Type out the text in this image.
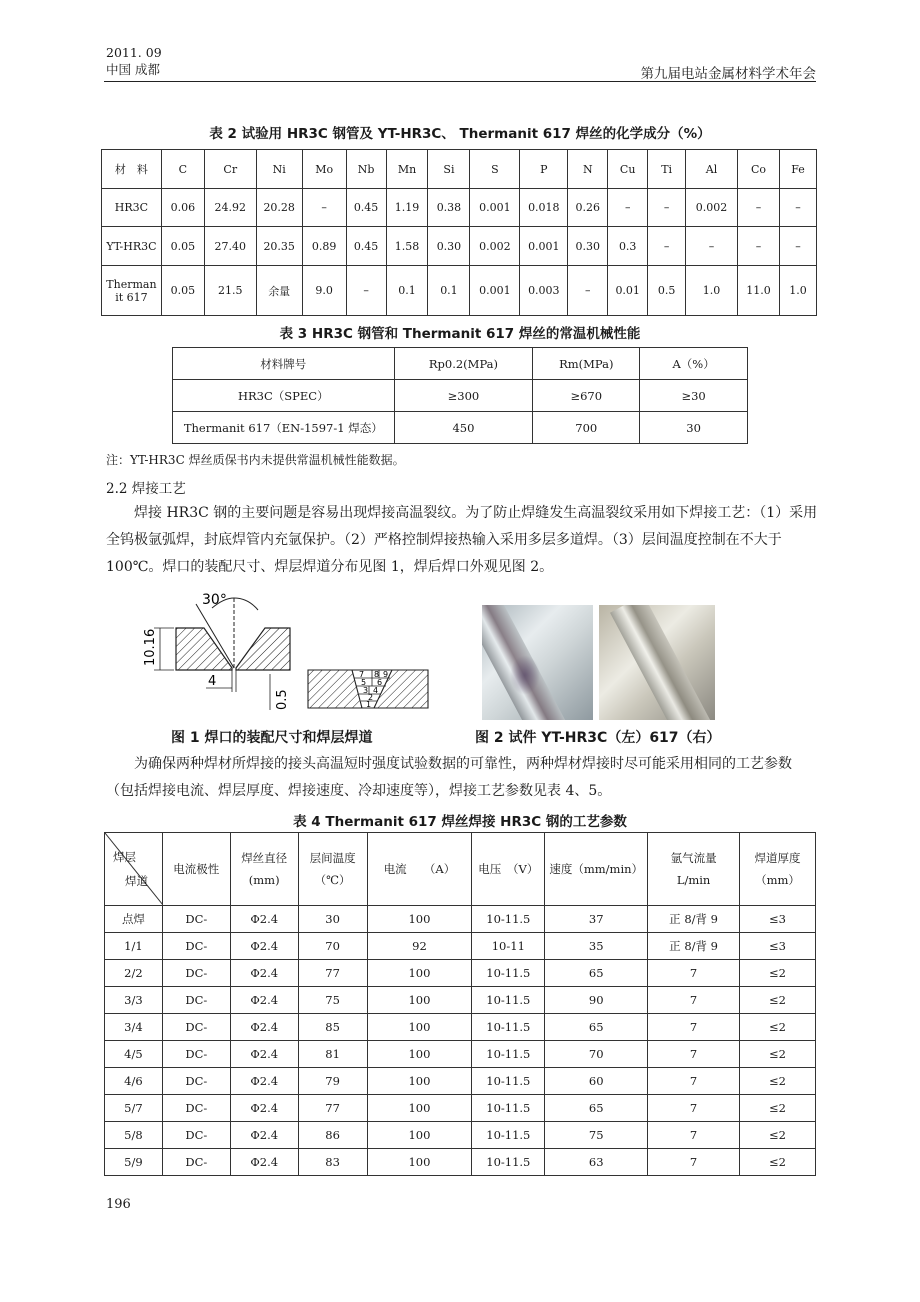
2011. 09
中国 成都	第九届电站金属材料学术年会
表 2 试验用 HR3C 钢管及 YT-HR3C、 Thermanit 617 焊丝的化学成分（%）
材　料	C	Cr	Ni	Mo	Nb	Mn	Si	S	P	N	Cu	Ti	Al	Co	Fe
HR3C	0.06	24.92	20.28	–	0.45	1.19	0.38	0.001	0.018	0.26	–	–	0.002	–	–
YT-HR3C	0.05	27.40	20.35	0.89	0.45	1.58	0.30	0.002	0.001	0.30	0.3	–	–	–	–
Thermanit 617	0.05	21.5	余量	9.0	–	0.1	0.1	0.001	0.003	–	0.01	0.5	1.0	11.0	1.0
表 3 HR3C 钢管和 Thermanit 617 焊丝的常温机械性能
材料牌号	Rp0.2(MPa)	Rm(MPa)	A（%）
HR3C（SPEC）	≥300	≥670	≥30
Thermanit 617（EN-1597-1 焊态）	450	700	30
注：YT-HR3C 焊丝质保书内未提供常温机械性能数据。
2.2 焊接工艺
焊接 HR3C 钢的主要问题是容易出现焊接高温裂纹。为了防止焊缝发生高温裂纹采用如下焊接工艺：（1）采用全钨极氩弧焊，封底焊管内充氩保护。（2）严格控制焊接热输入采用多层多道焊。（3）层间温度控制在不大于 100℃。焊口的装配尺寸、焊层焊道分布见图 1，焊后焊口外观见图 2。
30°
10.16
4
0.5
7 8 9
5 6
3 4
2
1
图 1 焊口的装配尺寸和焊层焊道	图 2 试件 YT-HR3C（左）617（右）
为确保两种焊材所焊接的接头高温短时强度试验数据的可靠性，两种焊材焊接时尽可能采用相同的工艺参数（包括焊接电流、焊层厚度、焊接速度、冷却速度等），焊接工艺参数见表 4、5。
表 4 Thermanit 617 焊丝焊接 HR3C 钢的工艺参数
焊层
焊道	电流极性	焊丝直径(mm)	层间温度（℃）	电流　　（A）	电压　（V）	速度（mm/min）	氩气流量 L/min	焊道厚度（mm）
点焊	DC-	Φ2.4	30	100	10-11.5	37	正 8/背 9	≤3
1/1	DC-	Φ2.4	70	92	10-11	35	正 8/背 9	≤3
2/2	DC-	Φ2.4	77	100	10-11.5	65	7	≤2
3/3	DC-	Φ2.4	75	100	10-11.5	90	7	≤2
3/4	DC-	Φ2.4	85	100	10-11.5	65	7	≤2
4/5	DC-	Φ2.4	81	100	10-11.5	70	7	≤2
4/6	DC-	Φ2.4	79	100	10-11.5	60	7	≤2
5/7	DC-	Φ2.4	77	100	10-11.5	65	7	≤2
5/8	DC-	Φ2.4	86	100	10-11.5	75	7	≤2
5/9	DC-	Φ2.4	83	100	10-11.5	63	7	≤2
196
